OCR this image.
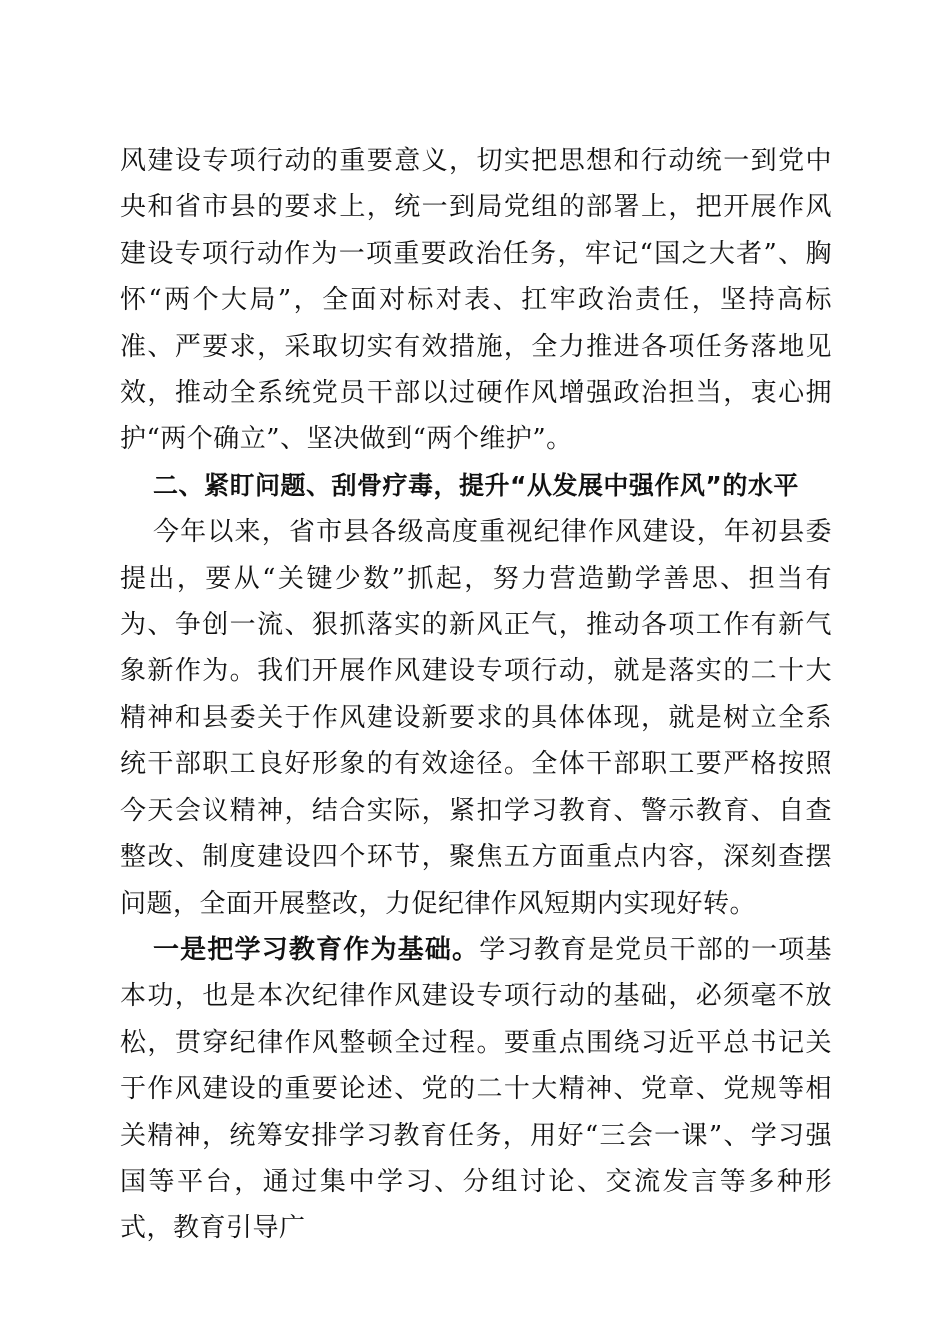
风建设专项行动的重要意义，切实把思想和行动统一到党中央和省市县的要求上，统一到局党组的部署上，把开展作风建设专项行动作为一项重要政治任务，牢记“国之大者”、胸怀“两个大局”，全面对标对表、扛牢政治责任，坚持高标准、严要求，采取切实有效措施，全力推进各项任务落地见效，推动全系统党员干部以过硬作风增强政治担当，衷心拥护“两个确立”、坚决做到“两个维护”。

二、紧盯问题、刮骨疗毒，提升“从发展中强作风”的水平

今年以来，省市县各级高度重视纪律作风建设，年初县委提出，要从“关键少数”抓起，努力营造勤学善思、担当有为、争创一流、狠抓落实的新风正气，推动各项工作有新气象新作为。我们开展作风建设专项行动，就是落实的二十大精神和县委关于作风建设新要求的具体体现，就是树立全系统干部职工良好形象的有效途径。全体干部职工要严格按照今天会议精神，结合实际，紧扣学习教育、警示教育、自查整改、制度建设四个环节，聚焦五方面重点内容，深刻查摆问题，全面开展整改，力促纪律作风短期内实现好转。

一是把学习教育作为基础。学习教育是党员干部的一项基本功，也是本次纪律作风建设专项行动的基础，必须毫不放松，贯穿纪律作风整顿全过程。要重点围绕习近平总书记关于作风建设的重要论述、党的二十大精神、党章、党规等相关精神，统筹安排学习教育任务，用好“三会一课”、学习强国等平台，通过集中学习、分组讨论、交流发言等多种形式，教育引导广
